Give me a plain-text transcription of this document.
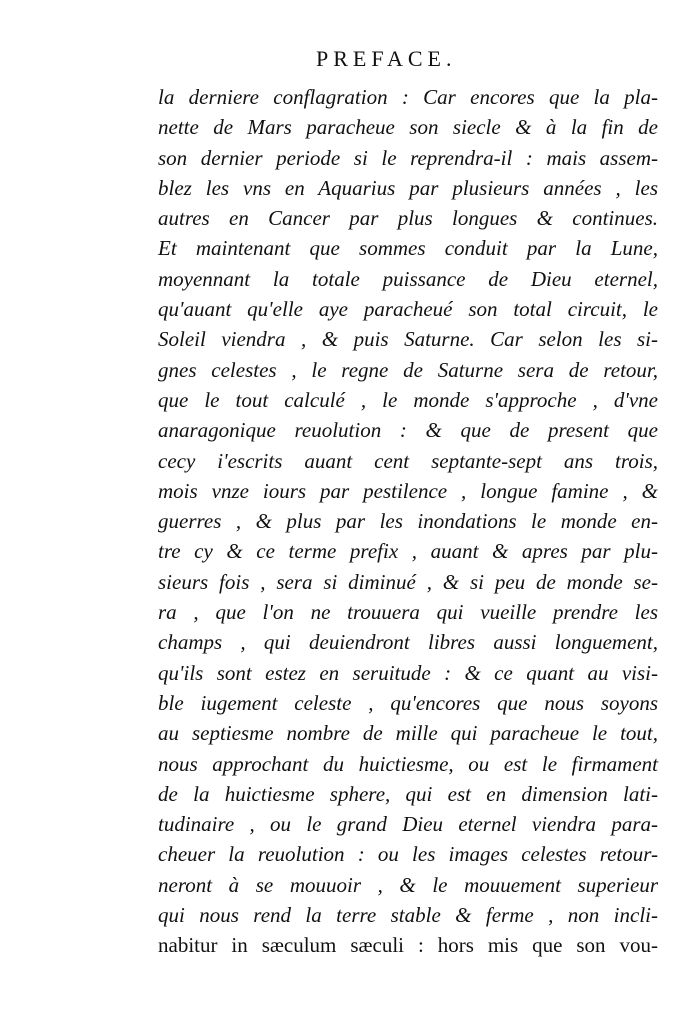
PREFACE.
la derniere conflagration : Car encores que la pla-
nette de Mars paracheue son siecle & à la fin de
son dernier periode si le reprendra-il : mais assem-
blez les vns en Aquarius par plusieurs années , les
autres en Cancer par plus longues & continues.
Et maintenant que sommes conduit par la Lune,
moyennant la totale puissance de Dieu eternel,
qu'auant qu'elle aye paracheué son total circuit, le
Soleil viendra , & puis Saturne. Car selon les si-
gnes celestes , le regne de Saturne sera de retour,
que le tout calculé , le monde s'approche , d'vne
anaragonique reuolution : & que de present que
cecy i'escrits auant cent septante-sept ans trois,
mois vnze iours par pestilence , longue famine , &
guerres , & plus par les inondations le monde en-
tre cy & ce terme prefix , auant & apres par plu-
sieurs fois , sera si diminué , & si peu de monde se-
ra , que l'on ne trouuera qui vueille prendre les
champs , qui deuiendront libres aussi longuement,
qu'ils sont estez en seruitude : & ce quant au visi-
ble iugement celeste , qu'encores que nous soyons
au septiesme nombre de mille qui paracheue le tout,
nous approchant du huictiesme, ou est le firmament
de la huictiesme sphere, qui est en dimension lati-
tudinaire , ou le grand Dieu eternel viendra para-
cheuer la reuolution : ou les images celestes retour-
neront à se mouuoir , & le mouuement superieur
qui nous rend la terre stable & ferme , non incli-
nabitur in sæculum sæculi : hors mis que son vou-
